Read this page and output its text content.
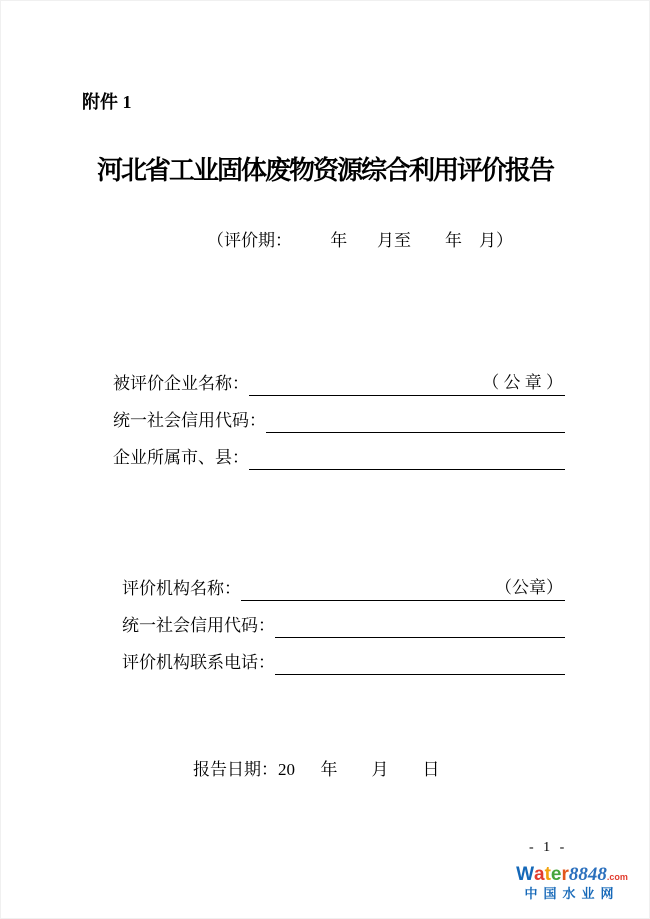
附件 1
河北省工业固体废物资源综合利用评价报告
（评价期：         年       月至        年    月）
被评价企业名称：	（ 公 章 ）
统一社会信用代码：
企业所属市、县：
评价机构名称：	（公章）
统一社会信用代码：
评价机构联系电话：
报告日期：20      年        月        日
- 1 -
Water8848.com
中国水业网
